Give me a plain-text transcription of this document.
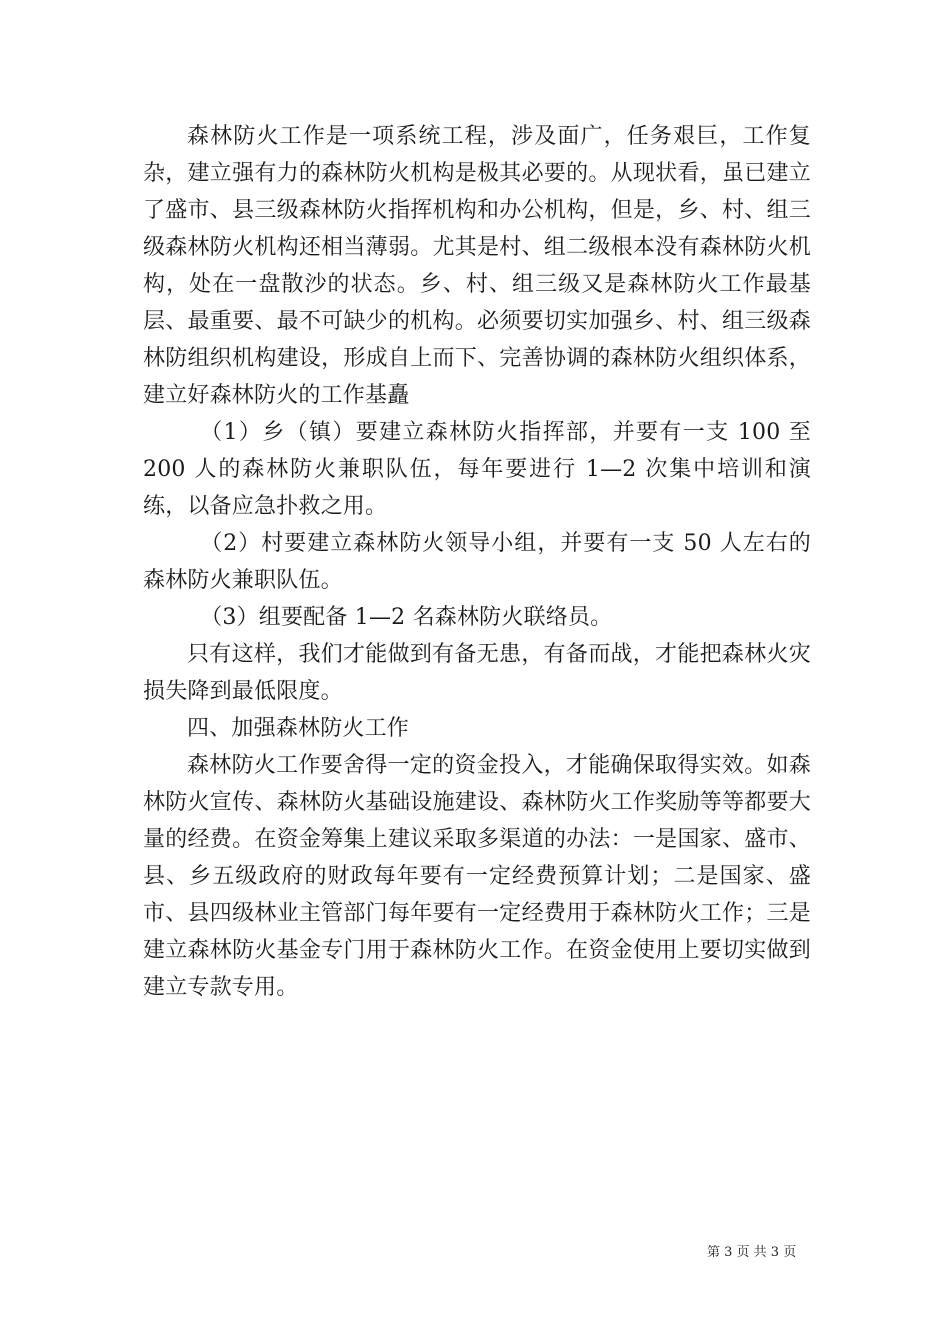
森林防火工作是一项系统工程，涉及面广，任务艰巨，工作复杂，建立强有力的森林防火机构是极其必要的。从现状看，虽已建立了盛市、县三级森林防火指挥机构和办公机构，但是，乡、村、组三级森林防火机构还相当薄弱。尤其是村、组二级根本没有森林防火机构，处在一盘散沙的状态。乡、村、组三级又是森林防火工作最基层、最重要、最不可缺少的机构。必须要切实加强乡、村、组三级森林防组织机构建设，形成自上而下、完善协调的森林防火组织体系，建立好森林防火的工作基矗

（1）乡（镇）要建立森林防火指挥部，并要有一支 100 至 200 人的森林防火兼职队伍，每年要进行 1—2 次集中培训和演练，以备应急扑救之用。

（2）村要建立森林防火领导小组，并要有一支 50 人左右的森林防火兼职队伍。

（3）组要配备 1—2 名森林防火联络员。

只有这样，我们才能做到有备无患，有备而战，才能把森林火灾损失降到最低限度。

四、加强森林防火工作

森林防火工作要舍得一定的资金投入，才能确保取得实效。如森林防火宣传、森林防火基础设施建设、森林防火工作奖励等等都要大量的经费。在资金筹集上建议采取多渠道的办法：一是国家、盛市、县、乡五级政府的财政每年要有一定经费预算计划；二是国家、盛市、县四级林业主管部门每年要有一定经费用于森林防火工作；三是建立森林防火基金专门用于森林防火工作。在资金使用上要切实做到建立专款专用。

第 3 页 共 3 页
